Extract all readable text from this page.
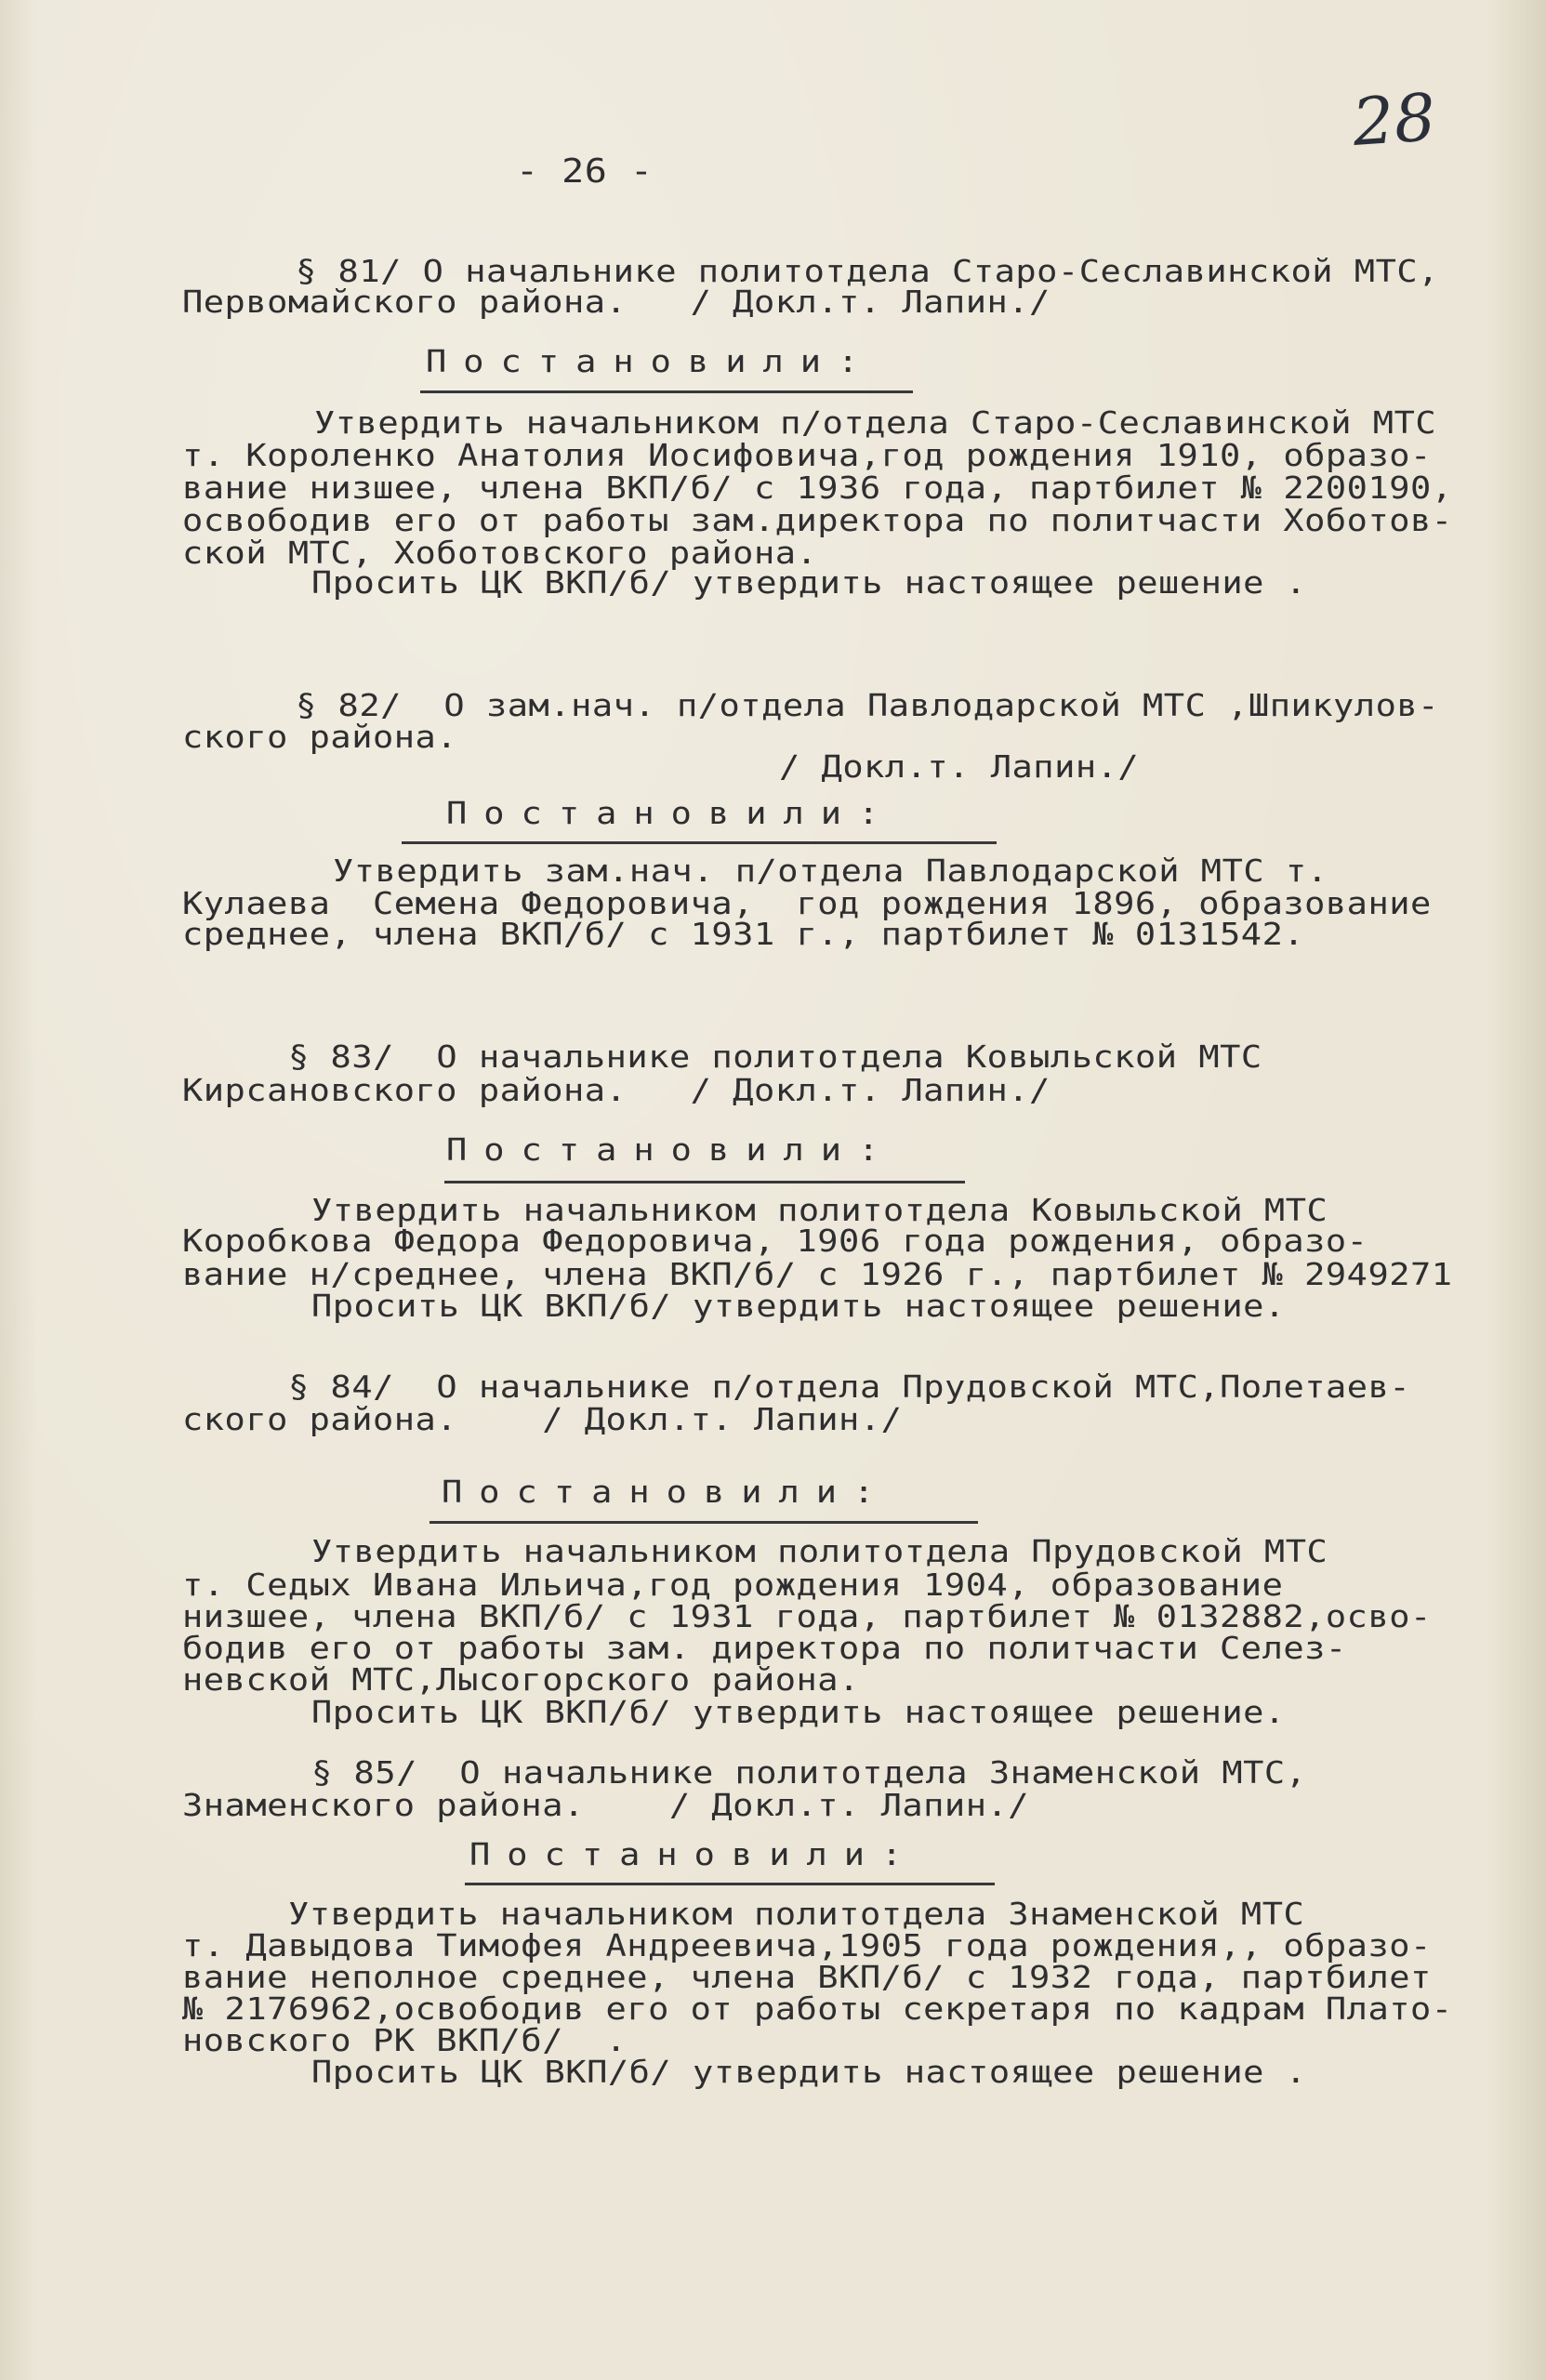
28
- 26 -
§ 81/ О начальнике политотдела Старо-Сеславинской МТС,
Первомайского района.   / Докл.т. Лапин./
Постановили:
Утвердить начальником п/отдела Старо-Сеславинской МТС
т. Короленко Анатолия Иосифовича,год рождения 1910, образо-
вание низшее, члена ВКП/б/ с 1936 года, партбилет № 2200190,
освободив его от работы зам.директора по политчасти Хоботов-
ской МТС, Хоботовского района.
Просить ЦК ВКП/б/ утвердить настоящее решение .
§ 82/  О зам.нач. п/отдела Павлодарской МТС ,Шпикулов-
ского района.
/ Докл.т. Лапин./
Постановили:
Утвердить зам.нач. п/отдела Павлодарской МТС т.
Кулаева  Семена Федоровича,  год рождения 1896, образование
среднее, члена ВКП/б/ с 1931 г., партбилет № 0131542.
§ 83/  О начальнике политотдела Ковыльской МТС
Кирсановского района.   / Докл.т. Лапин./
Постановили:
Утвердить начальником политотдела Ковыльской МТС
Коробкова Федора Федоровича, 1906 года рождения, образо-
вание н/среднее, члена ВКП/б/ с 1926 г., партбилет № 2949271
Просить ЦК ВКП/б/ утвердить настоящее решение.
§ 84/  О начальнике п/отдела Прудовской МТС,Полетаев-
ского района.    / Докл.т. Лапин./
Постановили:
Утвердить начальником политотдела Прудовской МТС
т. Седых Ивана Ильича,год рождения 1904, образование
низшее, члена ВКП/б/ с 1931 года, партбилет № 0132882,осво-
бодив его от работы зам. директора по политчасти Селез-
невской МТС,Лысогорского района.
Просить ЦК ВКП/б/ утвердить настоящее решение.
§ 85/  О начальнике политотдела Знаменской МТС,
Знаменского района.    / Докл.т. Лапин./
Постановили:
Утвердить начальником политотдела Знаменской МТС
т. Давыдова Тимофея Андреевича,1905 года рождения,, образо-
вание неполное среднее, члена ВКП/б/ с 1932 года, партбилет
№ 2176962,освободив его от работы секретаря по кадрам Плато-
новского РК ВКП/б/  .
Просить ЦК ВКП/б/ утвердить настоящее решение .
